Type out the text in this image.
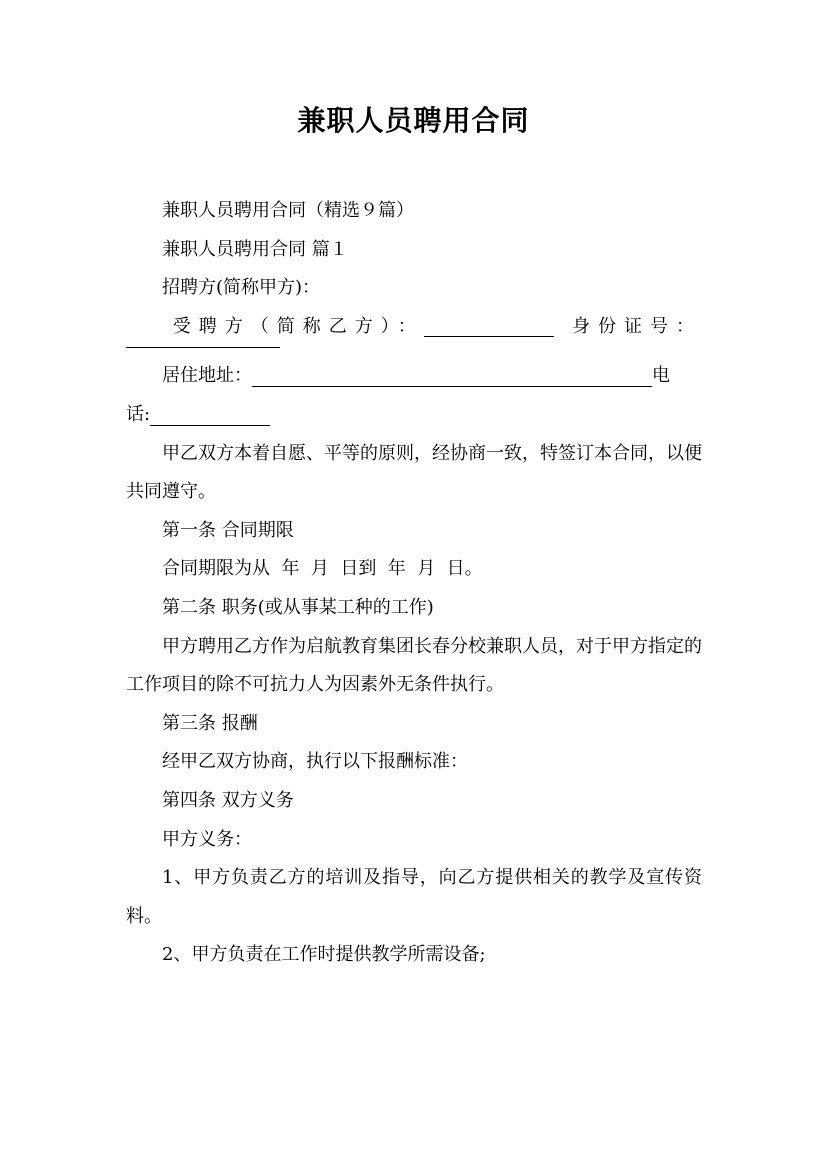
兼职人员聘用合同

兼职人员聘用合同（精选９篇）

兼职人员聘用合同 篇１

招聘方(简称甲方)：

受聘方（简称乙方）：	身份证号：
居住地址：	电
话:

甲乙双方本着自愿、平等的原则，经协商一致，特签订本合同，以便共同遵守。

第一条 合同期限

合同期限为从  年  月  日到  年  月  日。

第二条 职务(或从事某工种的工作)

甲方聘用乙方作为启航教育集团长春分校兼职人员，对于甲方指定的工作项目的除不可抗力人为因素外无条件执行。

第三条 报酬

经甲乙双方协商，执行以下报酬标准：

第四条 双方义务

甲方义务：

1、甲方负责乙方的培训及指导，向乙方提供相关的教学及宣传资料。

2、甲方负责在工作时提供教学所需设备;
